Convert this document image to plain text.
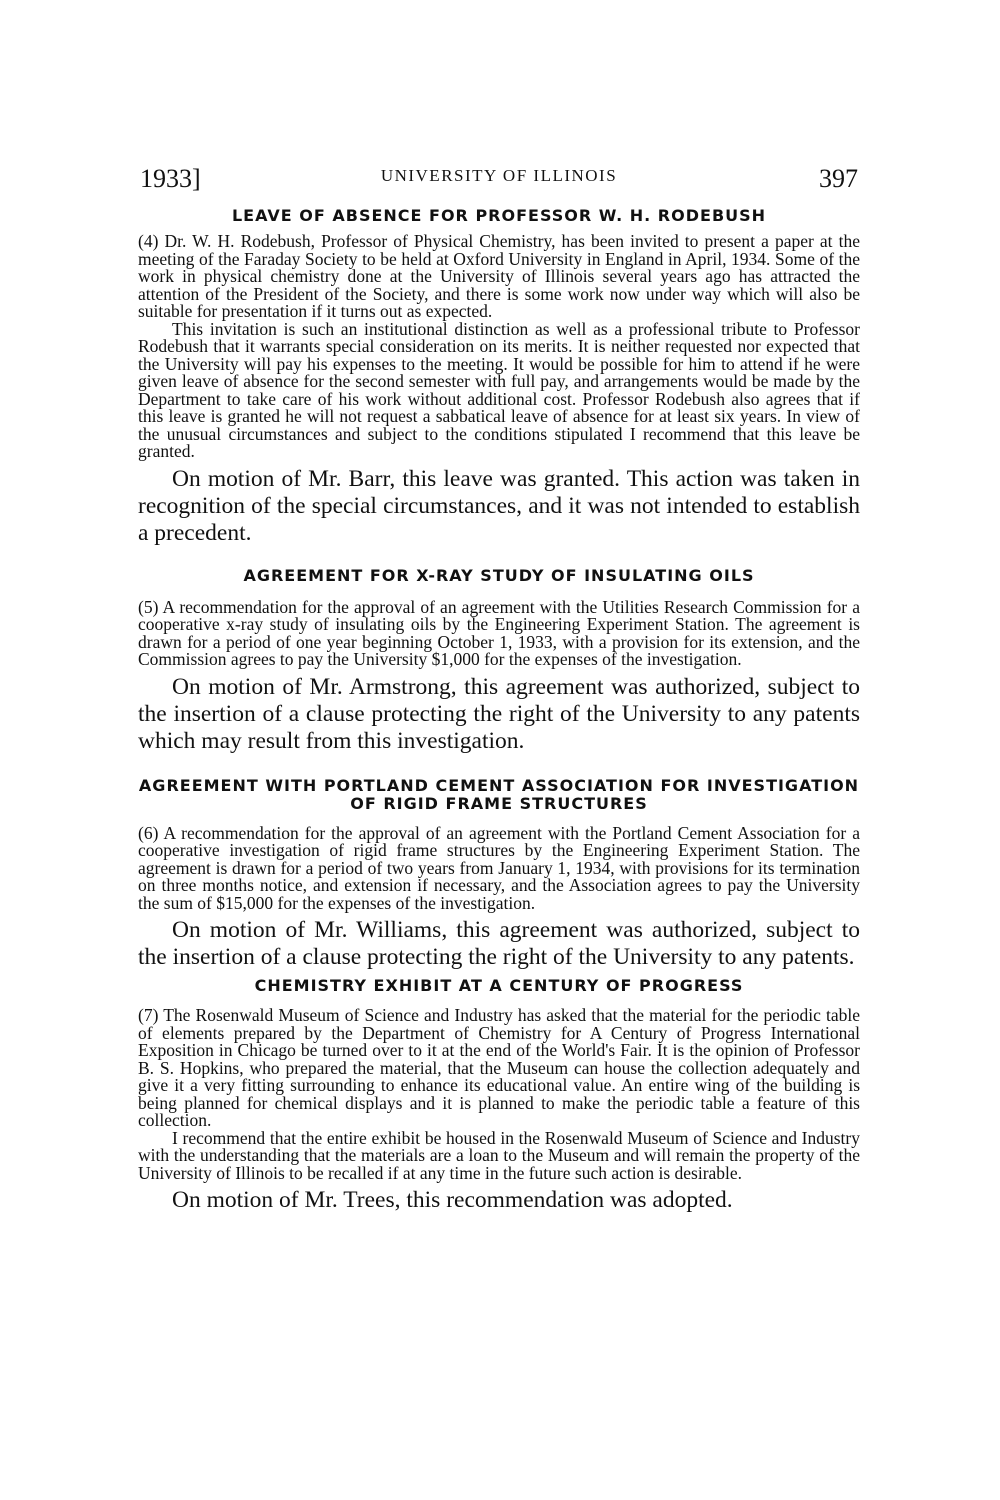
1933]	UNIVERSITY OF ILLINOIS	397
LEAVE OF ABSENCE FOR PROFESSOR W. H. RODEBUSH

(4) Dr. W. H. Rodebush, Professor of Physical Chemistry, has been invited to present a paper at the meeting of the Faraday Society to be held at Oxford University in England in April, 1934. Some of the work in physical chemistry done at the University of Illinois several years ago has attracted the attention of the President of the Society, and there is some work now under way which will also be suitable for presentation if it turns out as expected.

This invitation is such an institutional distinction as well as a professional tribute to Professor Rodebush that it warrants special consideration on its merits. It is neither requested nor expected that the University will pay his expenses to the meeting. It would be possible for him to attend if he were given leave of absence for the second semester with full pay, and arrangements would be made by the Department to take care of his work without additional cost. Professor Rodebush also agrees that if this leave is granted he will not request a sabbatical leave of absence for at least six years. In view of the unusual circumstances and subject to the conditions stipulated I recommend that this leave be granted.

On motion of Mr. Barr, this leave was granted. This action was taken in recognition of the special circumstances, and it was not intended to establish a precedent.

AGREEMENT FOR X-RAY STUDY OF INSULATING OILS

(5) A recommendation for the approval of an agreement with the Utilities Research Commission for a cooperative x-ray study of insulating oils by the Engineering Experiment Station. The agreement is drawn for a period of one year beginning October 1, 1933, with a provision for its extension, and the Commission agrees to pay the University $1,000 for the expenses of the investigation.

On motion of Mr. Armstrong, this agreement was authorized, subject to the insertion of a clause protecting the right of the University to any patents which may result from this investigation.

AGREEMENT WITH PORTLAND CEMENT ASSOCIATION FOR INVESTIGATION OF RIGID FRAME STRUCTURES

(6) A recommendation for the approval of an agreement with the Portland Cement Association for a cooperative investigation of rigid frame structures by the Engineering Experiment Station. The agreement is drawn for a period of two years from January 1, 1934, with provisions for its termination on three months notice, and extension if necessary, and the Association agrees to pay the University the sum of $15,000 for the expenses of the investigation.

On motion of Mr. Williams, this agreement was authorized, subject to the insertion of a clause protecting the right of the University to any patents.

CHEMISTRY EXHIBIT AT A CENTURY OF PROGRESS

(7) The Rosenwald Museum of Science and Industry has asked that the material for the periodic table of elements prepared by the Department of Chemistry for A Century of Progress International Exposition in Chicago be turned over to it at the end of the World's Fair. It is the opinion of Professor B. S. Hopkins, who prepared the material, that the Museum can house the collection adequately and give it a very fitting surrounding to enhance its educational value. An entire wing of the building is being planned for chemical displays and it is planned to make the periodic table a feature of this collection.

I recommend that the entire exhibit be housed in the Rosenwald Museum of Science and Industry with the understanding that the materials are a loan to the Museum and will remain the property of the University of Illinois to be recalled if at any time in the future such action is desirable.

On motion of Mr. Trees, this recommendation was adopted.
